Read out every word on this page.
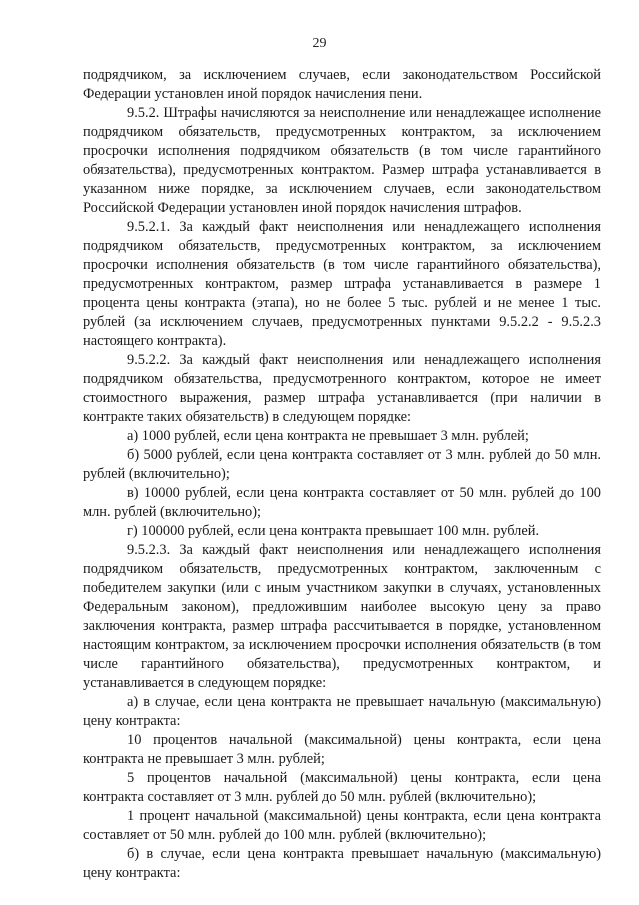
29

подрядчиком, за исключением случаев, если законодательством Российской Федерации установлен иной порядок начисления пени.

9.5.2. Штрафы начисляются за неисполнение или ненадлежащее исполнение подрядчиком обязательств, предусмотренных контрактом, за исключением просрочки исполнения подрядчиком обязательств (в том числе гарантийного обязательства), предусмотренных контрактом. Размер штрафа устанавливается в указанном ниже порядке, за исключением случаев, если законодательством Российской Федерации установлен иной порядок начисления штрафов.

9.5.2.1. За каждый факт неисполнения или ненадлежащего исполнения подрядчиком обязательств, предусмотренных контрактом, за исключением просрочки исполнения обязательств (в том числе гарантийного обязательства), предусмотренных контрактом, размер штрафа устанавливается в размере 1 процента цены контракта (этапа), но не более 5 тыс. рублей и не менее 1 тыс. рублей (за исключением случаев, предусмотренных пунктами 9.5.2.2 - 9.5.2.3 настоящего контракта).

9.5.2.2. За каждый факт неисполнения или ненадлежащего исполнения подрядчиком обязательства, предусмотренного контрактом, которое не имеет стоимостного выражения, размер штрафа устанавливается (при наличии в контракте таких обязательств) в следующем порядке:

а) 1000 рублей, если цена контракта не превышает 3 млн. рублей;

б) 5000 рублей, если цена контракта составляет от 3 млн. рублей до 50 млн. рублей (включительно);

в) 10000 рублей, если цена контракта составляет от 50 млн. рублей до 100 млн. рублей (включительно);

г) 100000 рублей, если цена контракта превышает 100 млн. рублей.

9.5.2.3. За каждый факт неисполнения или ненадлежащего исполнения подрядчиком обязательств, предусмотренных контрактом, заключенным с победителем закупки (или с иным участником закупки в случаях, установленных Федеральным законом), предложившим наиболее высокую цену за право заключения контракта, размер штрафа рассчитывается в порядке, установленном настоящим контрактом, за исключением просрочки исполнения обязательств (в том числе гарантийного обязательства), предусмотренных контрактом, и устанавливается в следующем порядке:

а) в случае, если цена контракта не превышает начальную (максимальную) цену контракта:

10 процентов начальной (максимальной) цены контракта, если цена контракта не превышает 3 млн. рублей;

5 процентов начальной (максимальной) цены контракта, если цена контракта составляет от 3 млн. рублей до 50 млн. рублей (включительно);

1 процент начальной (максимальной) цены контракта, если цена контракта составляет от 50 млн. рублей до 100 млн. рублей (включительно);

б) в случае, если цена контракта превышает начальную (максимальную) цену контракта:
